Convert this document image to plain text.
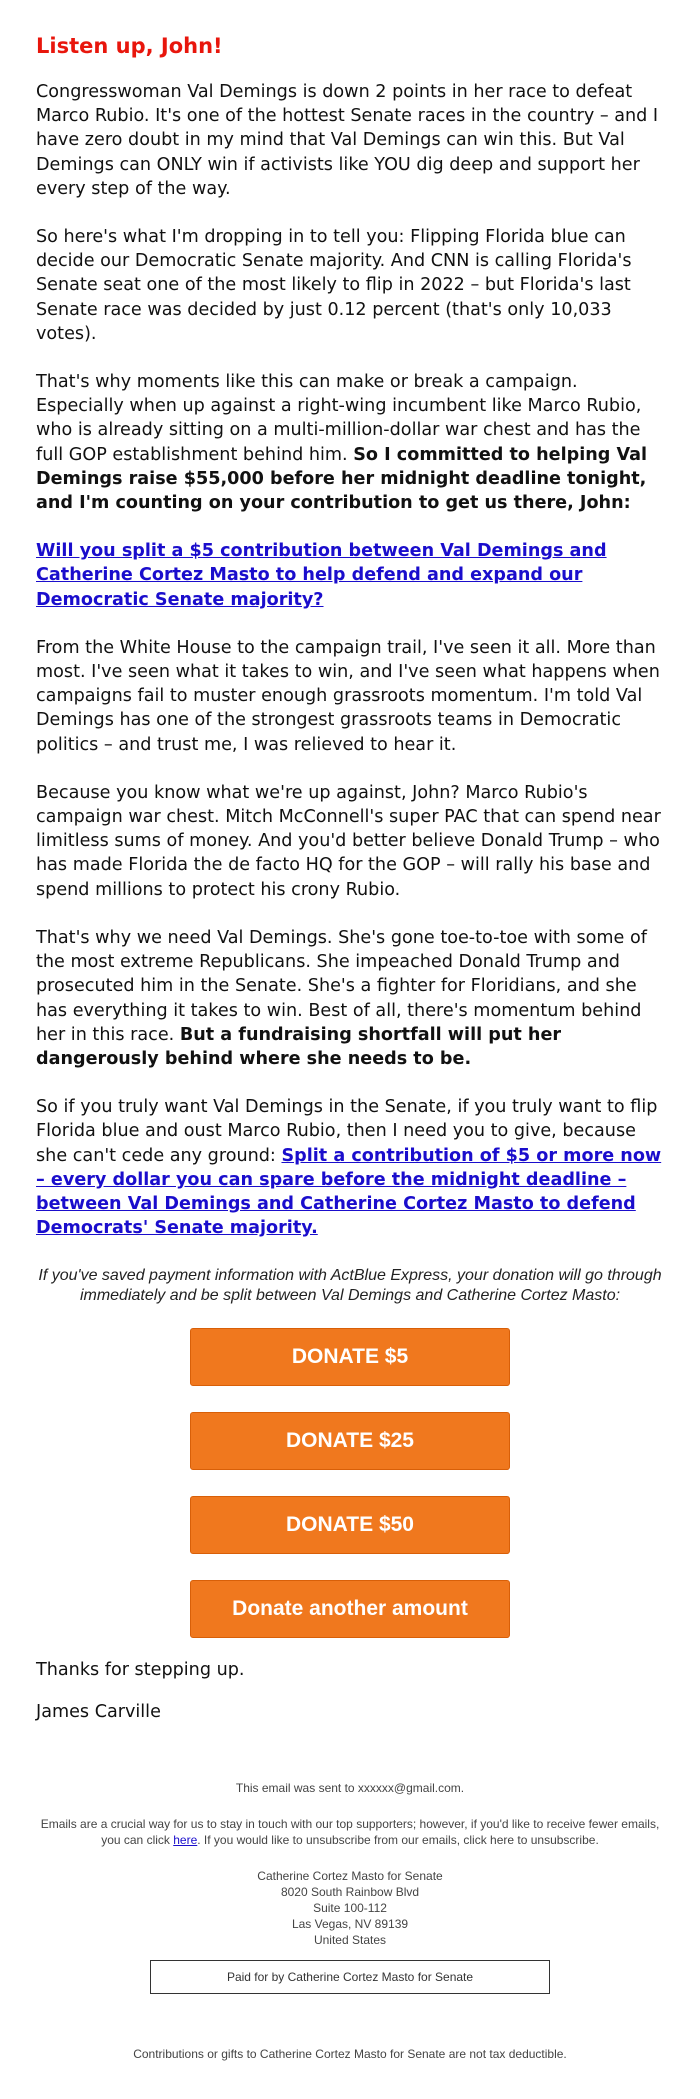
Listen up, John!

Congresswoman Val Demings is down 2 points in her race to defeat Marco Rubio. It's one of the hottest Senate races in the country – and I have zero doubt in my mind that Val Demings can win this. But Val Demings can ONLY win if activists like YOU dig deep and support her every step of the way.

So here's what I'm dropping in to tell you: Flipping Florida blue can decide our Democratic Senate majority. And CNN is calling Florida's Senate seat one of the most likely to flip in 2022 – but Florida's last Senate race was decided by just 0.12 percent (that's only 10,033 votes).

That's why moments like this can make or break a campaign. Especially when up against a right-wing incumbent like Marco Rubio, who is already sitting on a multi-million-dollar war chest and has the full GOP establishment behind him. So I committed to helping Val Demings raise $55,000 before her midnight deadline tonight, and I'm counting on your contribution to get us there, John:

Will you split a $5 contribution between Val Demings and Catherine Cortez Masto to help defend and expand our Democratic Senate majority?

From the White House to the campaign trail, I've seen it all. More than most. I've seen what it takes to win, and I've seen what happens when campaigns fail to muster enough grassroots momentum. I'm told Val Demings has one of the strongest grassroots teams in Democratic politics – and trust me, I was relieved to hear it.

Because you know what we're up against, John? Marco Rubio's campaign war chest. Mitch McConnell's super PAC that can spend near limitless sums of money. And you'd better believe Donald Trump – who has made Florida the de facto HQ for the GOP – will rally his base and spend millions to protect his crony Rubio.

That's why we need Val Demings. She's gone toe-to-toe with some of the most extreme Republicans. She impeached Donald Trump and prosecuted him in the Senate. She's a fighter for Floridians, and she has everything it takes to win. Best of all, there's momentum behind her in this race. But a fundraising shortfall will put her dangerously behind where she needs to be.

So if you truly want Val Demings in the Senate, if you truly want to flip Florida blue and oust Marco Rubio, then I need you to give, because she can't cede any ground: Split a contribution of $5 or more now – every dollar you can spare before the midnight deadline – between Val Demings and Catherine Cortez Masto to defend Democrats' Senate majority.

If you've saved payment information with ActBlue Express, your donation will go through immediately and be split between Val Demings and Catherine Cortez Masto:
DONATE $5
DONATE $25
DONATE $50
Donate another amount
Thanks for stepping up.
James Carville
This email was sent to xxxxxx@gmail.com.
Emails are a crucial way for us to stay in touch with our top supporters; however, if you'd like to receive fewer emails, you can click here. If you would like to unsubscribe from our emails, click here to unsubscribe.
Catherine Cortez Masto for Senate
8020 South Rainbow Blvd
Suite 100-112
Las Vegas, NV 89139
United States
Paid for by Catherine Cortez Masto for Senate
Contributions or gifts to Catherine Cortez Masto for Senate are not tax deductible.
